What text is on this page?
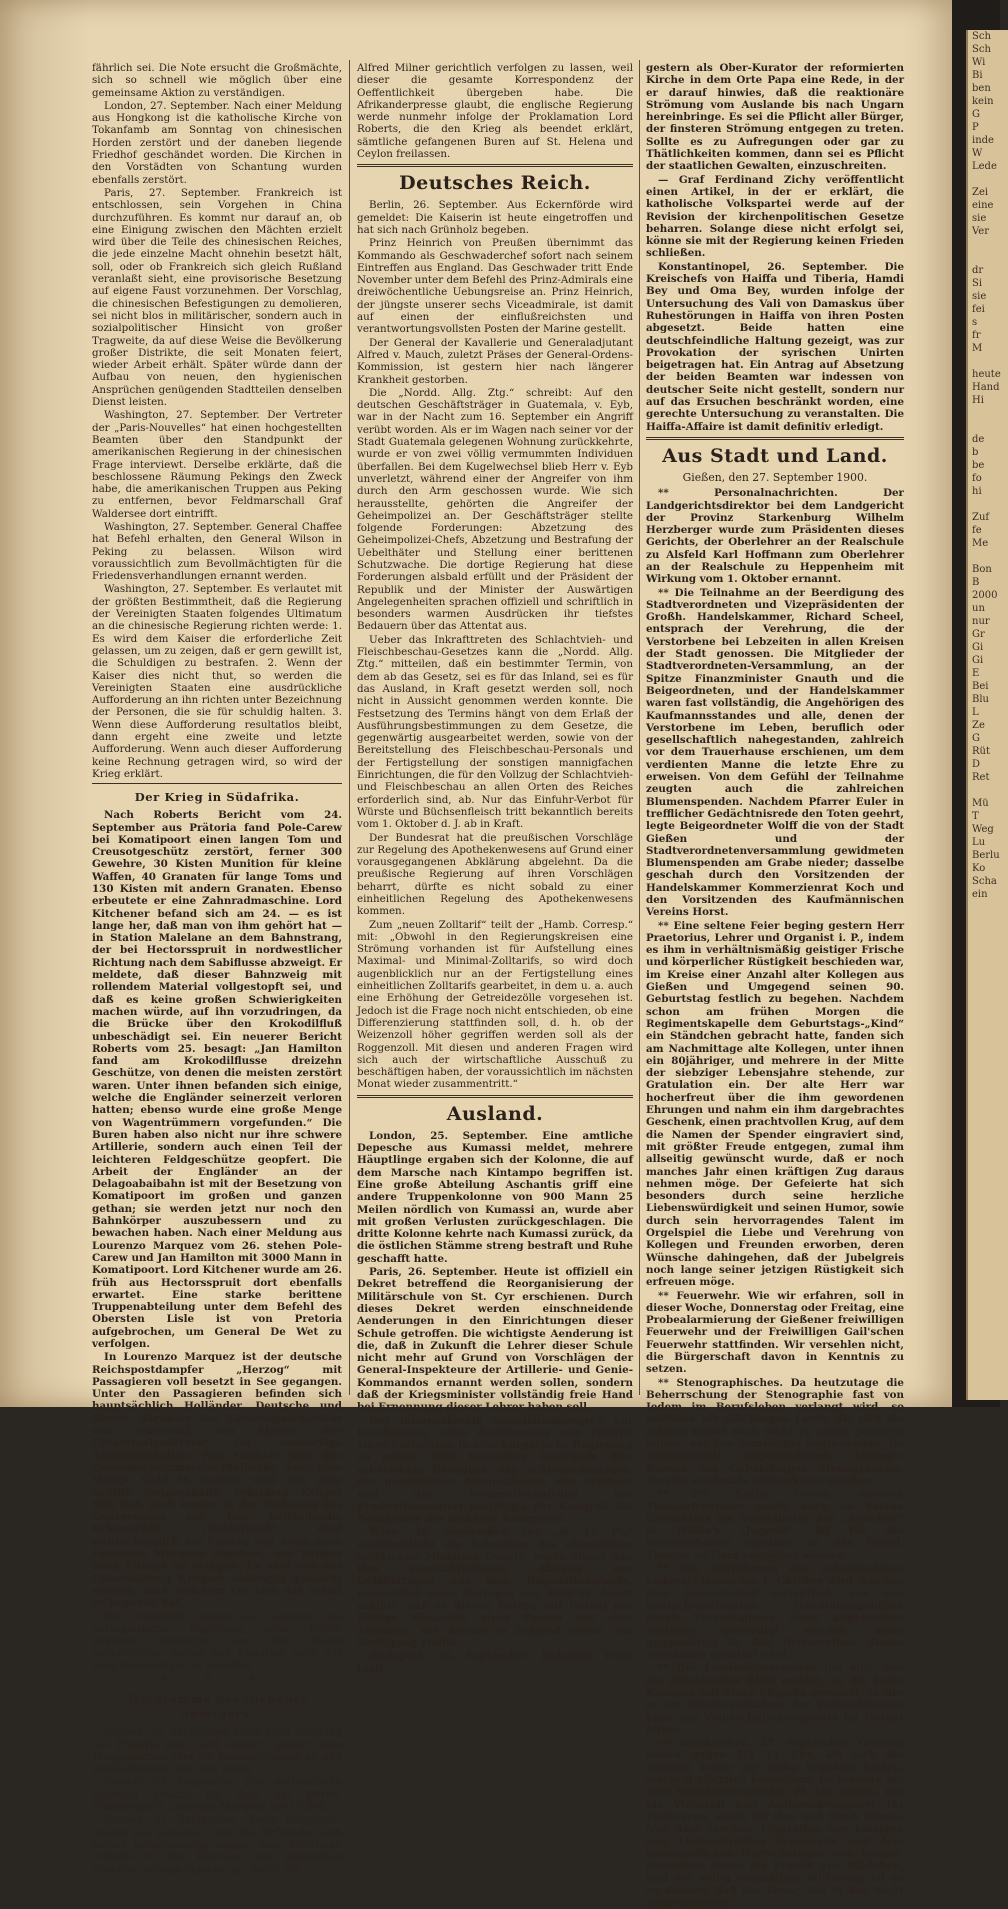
fährlich sei. Die Note ersucht die Großmächte, sich so schnell wie möglich über eine gemeinsame Aktion zu verständigen.

London, 27. September. Nach einer Meldung aus Hongkong ist die katholische Kirche von Tokanfamb am Sonntag von chinesischen Horden zerstört und der daneben liegende Friedhof geschändet worden. Die Kirchen in den Vorstädten von Schantung wurden ebenfalls zerstört.

Paris, 27. September. Frankreich ist entschlossen, sein Vorgehen in China durchzuführen. Es kommt nur darauf an, ob eine Einigung zwischen den Mächten erzielt wird über die Teile des chinesischen Reiches, die jede einzelne Macht ohnehin besetzt hält, soll, oder ob Frankreich sich gleich Rußland veranlaßt sieht, eine provisorische Besetzung auf eigene Faust vorzunehmen. Der Vorschlag, die chinesischen Befestigungen zu demolieren, sei nicht blos in militärischer, sondern auch in sozialpolitischer Hinsicht von großer Tragweite, da auf diese Weise die Bevölkerung großer Distrikte, die seit Monaten feiert, wieder Arbeit erhält. Später würde dann der Aufbau von neuen, den hygienischen Ansprüchen genügenden Stadtteilen denselben Dienst leisten.

Washington, 27. September. Der Vertreter der „Paris-Nouvelles“ hat einen hochgestellten Beamten über den Standpunkt der amerikanischen Regierung in der chinesischen Frage interviewt. Derselbe erklärte, daß die beschlossene Räumung Pekings den Zweck habe, die amerikanischen Truppen aus Peking zu entfernen, bevor Feldmarschall Graf Waldersee dort eintrifft.

Washington, 27. September. General Chaffee hat Befehl erhalten, den General Wilson in Peking zu belassen. Wilson wird voraussichtlich zum Bevollmächtigten für die Friedensverhandlungen ernannt werden.

Washington, 27. September. Es verlautet mit der größten Bestimmtheit, daß die Regierung der Vereinigten Staaten folgendes Ultimatum an die chinesische Regierung richten werde: 1. Es wird dem Kaiser die erforderliche Zeit gelassen, um zu zeigen, daß er gern gewillt ist, die Schuldigen zu bestrafen. 2. Wenn der Kaiser dies nicht thut, so werden die Vereinigten Staaten eine ausdrückliche Aufforderung an ihn richten unter Bezeichnung der Personen, die sie für schuldig halten. 3. Wenn diese Aufforderung resultatlos bleibt, dann ergeht eine zweite und letzte Aufforderung. Wenn auch dieser Aufforderung keine Rechnung getragen wird, so wird der Krieg erklärt.

Der Krieg in Südafrika.

Nach Roberts Bericht vom 24. September aus Prätoria fand Pole-Carew bei Komatipoort einen langen Tom und Creusotgeschütz zerstört, ferner 300 Gewehre, 30 Kisten Munition für kleine Waffen, 40 Granaten für lange Toms und 130 Kisten mit andern Granaten. Ebenso erbeutete er eine Zahnradmaschine. Lord Kitchener befand sich am 24. — es ist lange her, daß man von ihm gehört hat — in Station Malelane an dem Bahnstrang, der bei Hectorsspruit in nordwestlicher Richtung nach dem Sabiflusse abzweigt. Er meldete, daß dieser Bahnzweig mit rollendem Material vollgestopft sei, und daß es keine großen Schwierigkeiten machen würde, auf ihn vorzudringen, da die Brücke über den Krokodilfluß unbeschädigt sei. Ein neuerer Bericht Roberts vom 25. besagt: „Jan Hamilton fand am Krokodilflusse dreizehn Geschütze, von denen die meisten zerstört waren. Unter ihnen befanden sich einige, welche die Engländer seinerzeit verloren hatten; ebenso wurde eine große Menge von Wagentrümmern vorgefunden.“ Die Buren haben also nicht nur ihre schwere Artillerie, sondern auch einen Teil der leichteren Feldgeschütze geopfert. Die Arbeit der Engländer an der Delagoabaibahn ist mit der Besetzung von Komatipoort im großen und ganzen gethan; sie werden jetzt nur noch den Bahnkörper auszubessern und zu bewachen haben. Nach einer Meldung aus Lourenzo Marquez vom 26. stehen Pole-Carew und Jan Hamilton mit 3000 Mann in Komatipoort. Lord Kitchener wurde am 26. früh aus Hectorsspruit dort ebenfalls erwartet. Eine starke berittene Truppenabteilung unter dem Befehl des Obersten Lisle ist von Pretoria aufgebrochen, um General De Wet zu verfolgen.

In Lourenzo Marquez ist der deutsche Reichspostdampfer „Herzog“ mit Passagieren voll besetzt in See gegangen. Unter den Passagieren befinden sich hauptsächlich Holländer, Deutsche und Buren, darunter der Generalpostmeister von Transvaal, van Alphen, der Unterstaatssekretär für auswärtige Angelegenheiten Piet Grobler und der Generalschatzmeister Malherbe. Auch eine Menge Gold in Barren wird von dem Schiffe fortgeschafft. Präsident Krüger hält sich noch immer in der Wohnung des Gouverneurs auf. Das holländische Kriegsschiff „Gelderland“ wird wahrscheinlich am Freitag von Aden nach Lourenzo Marquez abgehen, um Krüger nach Europa zu bringen. Es wird von der Entscheidung Krügers abhängig gemacht werden, nach welchem Ort sich das Schiff zu begeben hat.

Der „Standard“ meldet aus Lissabon: Die portugiesische Regierung habe Befehl gegeben, sämtliche von den Buren abgelieferten Waffen und Munition nach der Insel Mozambique zu schaffen.

* * *
Telegramme des Gießener Anzeigers.

London, 27. September. Nach einer Meldung aus Pretoria hielt Lord Roberts gestern eine Truppenschau über die Kolonialtruppen ab und verabschiedete sich von ihnen.

London, 27. September. Eine authentische Meldung schätzt die Zahl der Buren-Flüchtlinge in Lourenzo Marquez auf 10.000.

London, 27. September. „Daily Telegraph“ meldet aus Kapstadt, daß die Afrikander sich höchst widerspenstig zeigen. Abg. Merriman erklärte in der Kammer, den englischen Gesetzen zufolge habe er das Recht, Sir

Alfred Milner gerichtlich verfolgen zu lassen, weil dieser die gesamte Korrespondenz der Oeffentlichkeit übergeben habe. Die Afrikanderpresse glaubt, die englische Regierung werde nunmehr infolge der Proklamation Lord Roberts, die den Krieg als beendet erklärt, sämtliche gefangenen Buren auf St. Helena und Ceylon freilassen.

Deutsches Reich.

Berlin, 26. September. Aus Eckernförde wird gemeldet: Die Kaiserin ist heute eingetroffen und hat sich nach Grünholz begeben.

Prinz Heinrich von Preußen übernimmt das Kommando als Geschwaderchef sofort nach seinem Eintreffen aus England. Das Geschwader tritt Ende November unter dem Befehl des Prinz-Admirals eine dreiwöchentliche Uebungsreise an. Prinz Heinrich, der jüngste unserer sechs Viceadmirale, ist damit auf einen der einflußreichsten und verantwortungsvollsten Posten der Marine gestellt.

Der General der Kavallerie und Generaladjutant Alfred v. Mauch, zuletzt Präses der General-Ordens-Kommission, ist gestern hier nach längerer Krankheit gestorben.

Die „Nordd. Allg. Ztg.“ schreibt: Auf den deutschen Geschäftsträger in Guatemala, v. Eyb, war in der Nacht zum 16. September ein Angriff verübt worden. Als er im Wagen nach seiner vor der Stadt Guatemala gelegenen Wohnung zurückkehrte, wurde er von zwei völlig vermummten Individuen überfallen. Bei dem Kugelwechsel blieb Herr v. Eyb unverletzt, während einer der Angreifer von ihm durch den Arm geschossen wurde. Wie sich herausstellte, gehörten die Angreifer der Geheimpolizei an. Der Geschäftsträger stellte folgende Forderungen: Abzetzung des Geheimpolizei-Chefs, Abzetzung und Bestrafung der Uebelthäter und Stellung einer berittenen Schutzwache. Die dortige Regierung hat diese Forderungen alsbald erfüllt und der Präsident der Republik und der Minister der Auswärtigen Angelegenheiten sprachen offiziell und schriftlich in besonders warmen Ausdrücken ihr tiefstes Bedauern über das Attentat aus.

Ueber das Inkrafttreten des Schlachtvieh- und Fleischbeschau-Gesetzes kann die „Nordd. Allg. Ztg.“ mitteilen, daß ein bestimmter Termin, von dem ab das Gesetz, sei es für das Inland, sei es für das Ausland, in Kraft gesetzt werden soll, noch nicht in Aussicht genommen werden konnte. Die Festsetzung des Termins hängt von dem Erlaß der Ausführungsbestimmungen zu dem Gesetze, die gegenwärtig ausgearbeitet werden, sowie von der Bereitstellung des Fleischbeschau-Personals und der Fertigstellung der sonstigen mannigfachen Einrichtungen, die für den Vollzug der Schlachtvieh- und Fleischbeschau an allen Orten des Reiches erforderlich sind, ab. Nur das Einfuhr-Verbot für Würste und Büchsenfleisch tritt bekanntlich bereits vom 1. Oktober d. J. ab in Kraft.

Der Bundesrat hat die preußischen Vorschläge zur Regelung des Apothekenwesens auf Grund einer vorausgegangenen Abklärung abgelehnt. Da die preußische Regierung auf ihren Vorschlägen beharrt, dürfte es nicht sobald zu einer einheitlichen Regelung des Apothekenwesens kommen.

Zum „neuen Zolltarif“ teilt der „Hamb. Corresp.“ mit: „Obwohl in den Regierungskreisen eine Strömung vorhanden ist für Aufstellung eines Maximal- und Minimal-Zolltarifs, so wird doch augenblicklich nur an der Fertigstellung eines einheitlichen Zolltarifs gearbeitet, in dem u. a. auch eine Erhöhung der Getreidezölle vorgesehen ist. Jedoch ist die Frage noch nicht entschieden, ob eine Differenzierung stattfinden soll, d. h. ob der Weizenzoll höher gegriffen werden soll als der Roggenzoll. Mit diesen und anderen Fragen wird sich auch der wirtschaftliche Ausschuß zu beschäftigen haben, der voraussichtlich im nächsten Monat wieder zusammentritt.“

Ausland.

London, 25. September. Eine amtliche Depesche aus Kumassi meldet, mehrere Häuptlinge ergaben sich der Kolonne, die auf dem Marsche nach Kintampo begriffen ist. Eine große Abteilung Aschantis griff eine andere Truppenkolonne von 900 Mann 25 Meilen nördlich von Kumassi an, wurde aber mit großen Verlusten zurückgeschlagen. Die dritte Kolonne kehrte nach Kumassi zurück, da die östlichen Stämme streng bestraft und Ruhe geschafft hatte.

Paris, 26. September. Heute ist offiziell ein Dekret betreffend die Reorganisierung der Militärschule von St. Cyr erschienen. Durch dieses Dekret werden einschneidende Aenderungen in den Einrichtungen dieser Schule getroffen. Die wichtigste Aenderung ist die, daß in Zukunft die Lehrer dieser Schule nicht mehr auf Grund von Vorschlägen der General-Inspekteure der Artillerie- und Genie-Kommandos ernannt werden sollen, sondern daß der Kriegsminister vollständig freie Hand bei Ernennung dieser Lehrer haben soll.

Der internationale Sozialistenkongreß hat beschlossen, seine Zustimmung zum Eintritt eines Sozialisten in eine bürgerliche Regierung zu geben, falls besondere Umstände dies erheischen. Bezüglich des Achtstundentages, des gesetzlichen Minimallohns, der Maifeier und der Vergesellschaftung der Produktionsmittel bestätigte der Kongreß die Beschlüsse der früheren Kongresse.

Wien, 26. September. Die „N. Fr. Pr.“ veröffentlicht ein Schreiben des ehemaligen serbischen Ministers Genčić, worin dieser den ihm zugeschriebenen Abgang von Geldbeträgen aus dem Dispositionsfonds, namentlich eines Betrages von 3000 Fr. damit erklärt, daß er diesen Betrag auf Befehl des Königs Alexander einer Person aus dem Auslande, die damals in Belgrad weilte, zur Verfügung stellte.

Budapest, 26. September. Koloman Tisza hielt

gestern als Ober-Kurator der reformierten Kirche in dem Orte Papa eine Rede, in der er darauf hinwies, daß die reaktionäre Strömung vom Auslande bis nach Ungarn hereinbringe. Es sei die Pflicht aller Bürger, der finsteren Strömung entgegen zu treten. Sollte es zu Aufregungen oder gar zu Thätlichkeiten kommen, dann sei es Pflicht der staatlichen Gewalten, einzuschreiten.

— Graf Ferdinand Zichy veröffentlicht einen Artikel, in der er erklärt, die katholische Volkspartei werde auf der Revision der kirchenpolitischen Gesetze beharren. Solange diese nicht erfolgt sei, könne sie mit der Regierung keinen Frieden schließen.

Konstantinopel, 26. September. Die Kreischefs von Haiffa und Tiberia, Hamdi Bey und Oma Bey, wurden infolge der Untersuchung des Vali von Damaskus über Ruhestörungen in Haiffa von ihren Posten abgesetzt. Beide hatten eine deutschfeindliche Haltung gezeigt, was zur Provokation der syrischen Unirten beigetragen hat. Ein Antrag auf Absetzung der beiden Beamten war indessen von deutscher Seite nicht gestellt, sondern nur auf das Ersuchen beschränkt worden, eine gerechte Untersuchung zu veranstalten. Die Haiffa-Affaire ist damit definitiv erledigt.

Aus Stadt und Land.
Gießen, den 27. September 1900.

** Personalnachrichten. Der Landgerichtsdirektor bei dem Landgericht der Provinz Starkenburg Wilhelm Herzberger wurde zum Präsidenten dieses Gerichts, der Oberlehrer an der Realschule zu Alsfeld Karl Hoffmann zum Oberlehrer an der Realschule zu Heppenheim mit Wirkung vom 1. Oktober ernannt.

** Die Teilnahme an der Beerdigung des Stadtverordneten und Vizepräsidenten der Großh. Handelskammer, Richard Scheel, entsprach der Verehrung, die der Verstorbene bei Lebzeiten in allen Kreisen der Stadt genossen. Die Mitglieder der Stadtverordneten-Versammlung, an der Spitze Finanzminister Gnauth und die Beigeordneten, und der Handelskammer waren fast vollständig, die Angehörigen des Kaufmannsstandes und alle, denen der Verstorbene im Leben, beruflich oder gesellschaftlich nahegestanden, zahlreich vor dem Trauerhause erschienen, um dem verdienten Manne die letzte Ehre zu erweisen. Von dem Gefühl der Teilnahme zeugten auch die zahlreichen Blumenspenden. Nachdem Pfarrer Euler in trefflicher Gedächtnisrede den Toten geehrt, legte Beigeordneter Wolff die von der Stadt Gießen und der Stadtverordnetenversammlung gewidmeten Blumenspenden am Grabe nieder; dasselbe geschah durch den Vorsitzenden der Handelskammer Kommerzienrat Koch und den Vorsitzenden des Kaufmännischen Vereins Horst.

** Eine seltene Feier beging gestern Herr Praetorius, Lehrer und Organist i. P., indem es ihm in verhältnismäßig geistiger Frische und körperlicher Rüstigkeit beschieden war, im Kreise einer Anzahl alter Kollegen aus Gießen und Umgegend seinen 90. Geburtstag festlich zu begehen. Nachdem schon am frühen Morgen die Regimentskapelle dem Geburtstags-„Kind“ ein Ständchen gebracht hatte, fanden sich am Nachmittage alte Kollegen, unter ihnen ein 80jähriger, und mehrere in der Mitte der siebziger Lebensjahre stehende, zur Gratulation ein. Der alte Herr war hocherfreut über die ihm gewordenen Ehrungen und nahm ein ihm dargebrachtes Geschenk, einen prachtvollen Krug, auf dem die Namen der Spender eingraviert sind, mit größter Freude entgegen, zumal ihm allseitig gewünscht wurde, daß er noch manches Jahr einen kräftigen Zug daraus nehmen möge. Der Gefeierte hat sich besonders durch seine herzliche Liebenswürdigkeit und seinen Humor, sowie durch sein hervorragendes Talent im Orgelspiel die Liebe und Verehrung von Kollegen und Freunden erworben, deren Wünsche dahingehen, daß der Jubelgreis noch lange seiner jetzigen Rüstigkeit sich erfreuen möge.

** Feuerwehr. Wie wir erfahren, soll in dieser Woche, Donnerstag oder Freitag, eine Probealarmierung der Gießener freiwilligen Feuerwehr und der Freiwilligen Gail'schen Feuerwehr stattfinden. Wir versehlen nicht, die Bürgerschaft davon in Kenntnis zu setzen.

** Stenographisches. Da heutzutage die Beherrschung der Stenographie fast von Jedem im Berufsleben verlangt wird, so möchten wir alle jungen Leute, die sich die schöne Kunst noch nicht zu eigen gemacht haben, auf den demnächst beginnenden, im Inseratenteil angekündigten Anfangs-Kursus des Gabelsberger Stenographen-Vereins nochmals aufmerksam machen.

** Frl. Käthe Torsen, unseren Theaterfreunden gewiß noch im besten Gedächtnis als Darstellerin des „Annchen“ in Halbe's „Jugend“, ist für die bevorstehende Spielzeit an das Fürstl. Theater zu Gera engagiert worden.

** Die Einführung des achtstündigen Ladenschlusses am 1. Oktober wird, wie aus dem Inseratenteil ersichtlich, von den deutsch-nationalen Handlungsgehilfen durch Veranstaltung einer allgemeinen Festfeier gewürdigt werden, wozu gegenwärtig in den Ortsvereinen dieses Verbandes gerüstet wird.

** Der Landeslehrerverein hat sich, wie ein Offenbacher Blatt meldet, an die Erste Kammer mit einer Eingabe gewandt, in der er um Wiederaufnahme der Verhandlungen über das Volksschullehrergesetz im Herbst bittet.

-r- Reiskirchen, 27. September. Gestern abend gegen 1/2 11 Uhr, als sich die meisten Leute zur Ruhe begeben hatten, erscholl plötzlich Feuerlärm. Es brannte bei dem Weißbindermeister Pf. ein Anbau, der als Viehstall und Aufbewahrungsort für Farbwaren, sowie für Heu und Stroh diente. Nur dem raschen Eingreifen der hiesigen und Lindenstruther Feuerwehr und dem unermüdlichen Herbeibringen von Wasser, besonders durch die Frauen und Mädchen, und der völlig windstillen Witterung ist es zu danken, daß das Feuer, das in den dicht angrenzenden

Sch
Sch
Wi
Bi
ben
kein
G
P
inde
W
Lede

Zei
eine
sie
Ver

dr
Si
sie
fei
s
fr
M

heute
Hand
Hi

de
b
be
fo
hi

Zuf
fe
Me

Bon
B
2000
un
nur
Gr
Gi
Gi
E
Bei
Blu
L
Ze
G
Rüt
D
Ret

Mü
T
Weg
Lu
Berlu
Ko
Scha
ein
